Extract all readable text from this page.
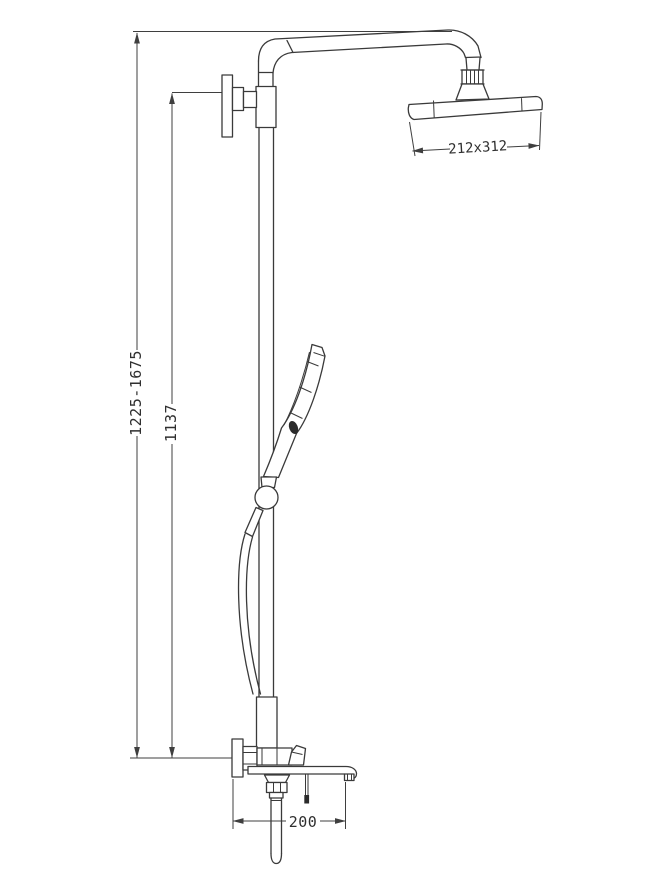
1225-1675 1137
200
212x312
